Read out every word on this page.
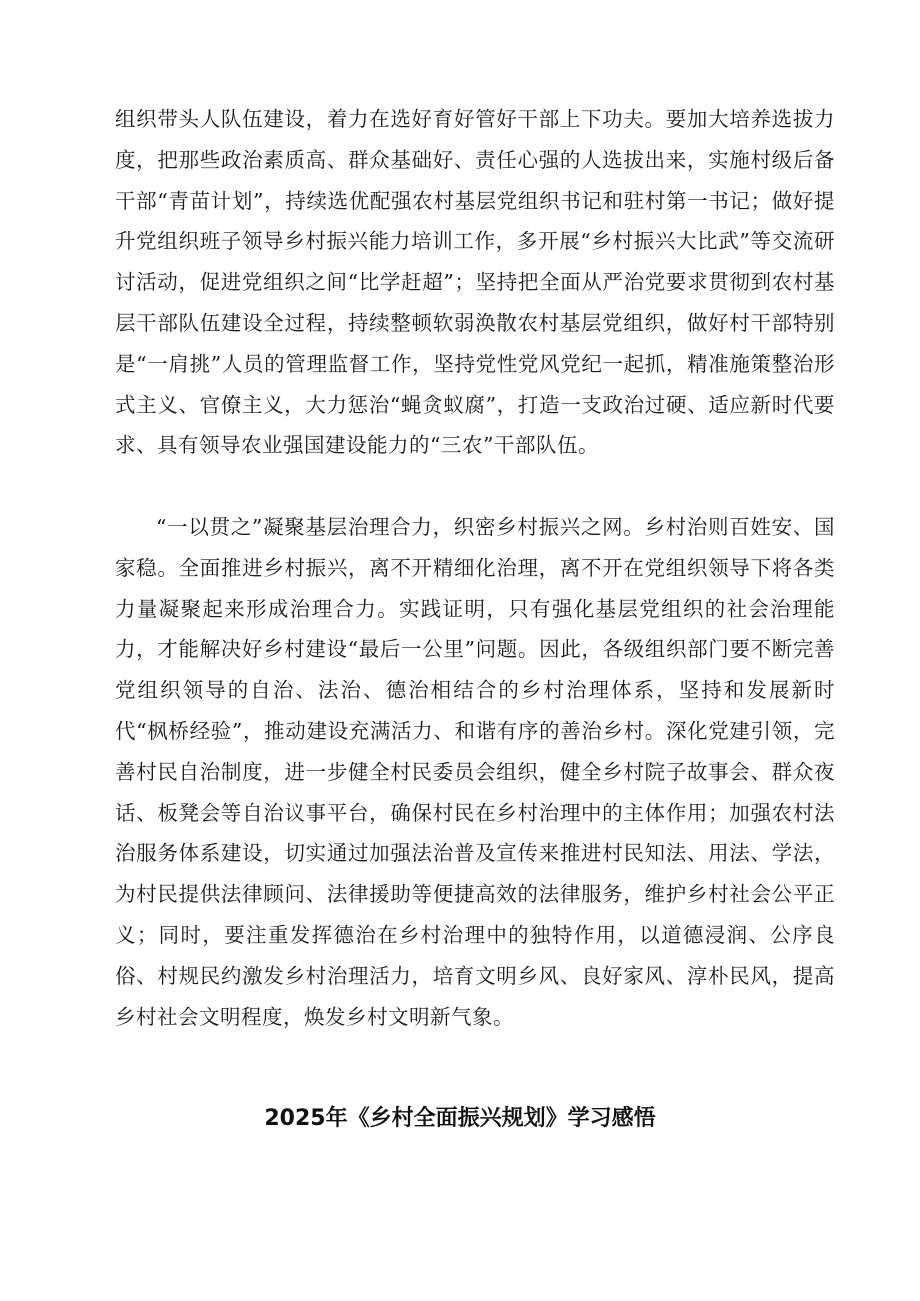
组织带头人队伍建设，着力在选好育好管好干部上下功夫。要加大培养选拔力度，把那些政治素质高、群众基础好、责任心强的人选拔出来，实施村级后备干部“青苗计划”，持续选优配强农村基层党组织书记和驻村第一书记；做好提升党组织班子领导乡村振兴能力培训工作，多开展“乡村振兴大比武”等交流研讨活动，促进党组织之间“比学赶超”；坚持把全面从严治党要求贯彻到农村基层干部队伍建设全过程，持续整顿软弱涣散农村基层党组织，做好村干部特别是“一肩挑”人员的管理监督工作，坚持党性党风党纪一起抓，精准施策整治形式主义、官僚主义，大力惩治“蝇贪蚁腐”，打造一支政治过硬、适应新时代要求、具有领导农业强国建设能力的“三农”干部队伍。

“一以贯之”凝聚基层治理合力，织密乡村振兴之网。乡村治则百姓安、国家稳。全面推进乡村振兴，离不开精细化治理，离不开在党组织领导下将各类力量凝聚起来形成治理合力。实践证明，只有强化基层党组织的社会治理能力，才能解决好乡村建设“最后一公里”问题。因此，各级组织部门要不断完善党组织领导的自治、法治、德治相结合的乡村治理体系，坚持和发展新时代“枫桥经验”，推动建设充满活力、和谐有序的善治乡村。深化党建引领，完善村民自治制度，进一步健全村民委员会组织，健全乡村院子故事会、群众夜话、板凳会等自治议事平台，确保村民在乡村治理中的主体作用；加强农村法治服务体系建设，切实通过加强法治普及宣传来推进村民知法、用法、学法，为村民提供法律顾问、法律援助等便捷高效的法律服务，维护乡村社会公平正义；同时，要注重发挥德治在乡村治理中的独特作用，以道德浸润、公序良俗、村规民约激发乡村治理活力，培育文明乡风、良好家风、淳朴民风，提高乡村社会文明程度，焕发乡村文明新气象。

2025年《乡村全面振兴规划》学习感悟
